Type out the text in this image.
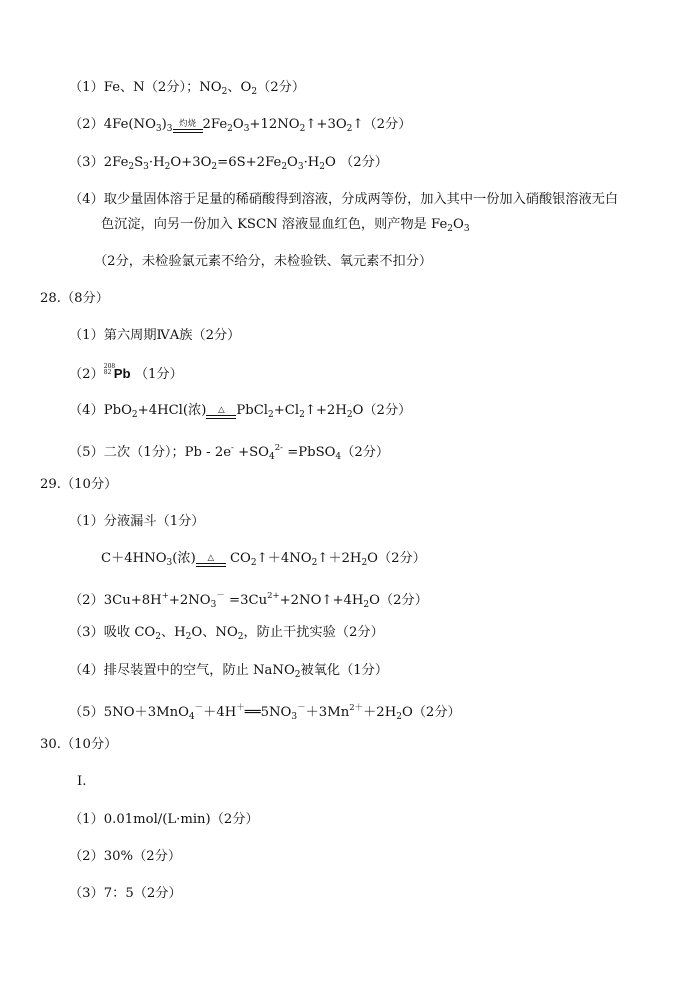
（1）Fe、N（2分）；$NO_2$、$O_2(2$分）
$(2)4Fe(NO_3)_3$ 灼烧 $2Fe_2O_3+12NO_2↑+3O_2↑(2$分）
$(3)2Fe_2S_3\cdot H_2O+3O_2=6S+2Fe_2O_3\cdot H_2O$ （2分）
（4）取少量固体溶于足量的稀硝酸得到溶液，分成两等份，加入其中一份加入硝酸银溶液无白
色沉淀，向另一份加入 KSCN 溶液显血红色，则产物是 $Fe_2O_3$
（2分，未检验氯元素不给分，未检验铁、氧元素不扣分）
28.（8分）
（1）第六周期ⅣA族（2分）
（2）
208
82 Pb （1分）
（4）PbO$_2$+4HCl(浓)	△ $PbCl_2+Cl_2↑+2H_2O(2$分）
（5）二次（1分）；$Pb - 2e^- +SO_4^{2-}$ =PbSO$_4$（2分）
29.（10分）
（1）分液漏斗（1分）
$C+4HNO_3$(浓)	△ $CO_2↑+4NO_2↑+2H_2O(2$分）
$(2)3Cu+8H^++2NO_3^-$ $=3Cu^{2+}+2NO↑+4H_2O(2$分）
（3）吸收 $CO_2$、$H_2O$、$NO_2$，防止干扰实验（2分）
（4）排尽装置中的空气，防止 NaNO$_2$被氧化（1分）
$(5)5NO+3MnO_4^-+4H^+══5NO_3^-+3Mn^{2+}+2H_2O(2$分）
30.（10分）
Ⅰ.
（1）0.01mol/(L·min)（2分）
（2）30%（2分）
（3）7：5（2分）
